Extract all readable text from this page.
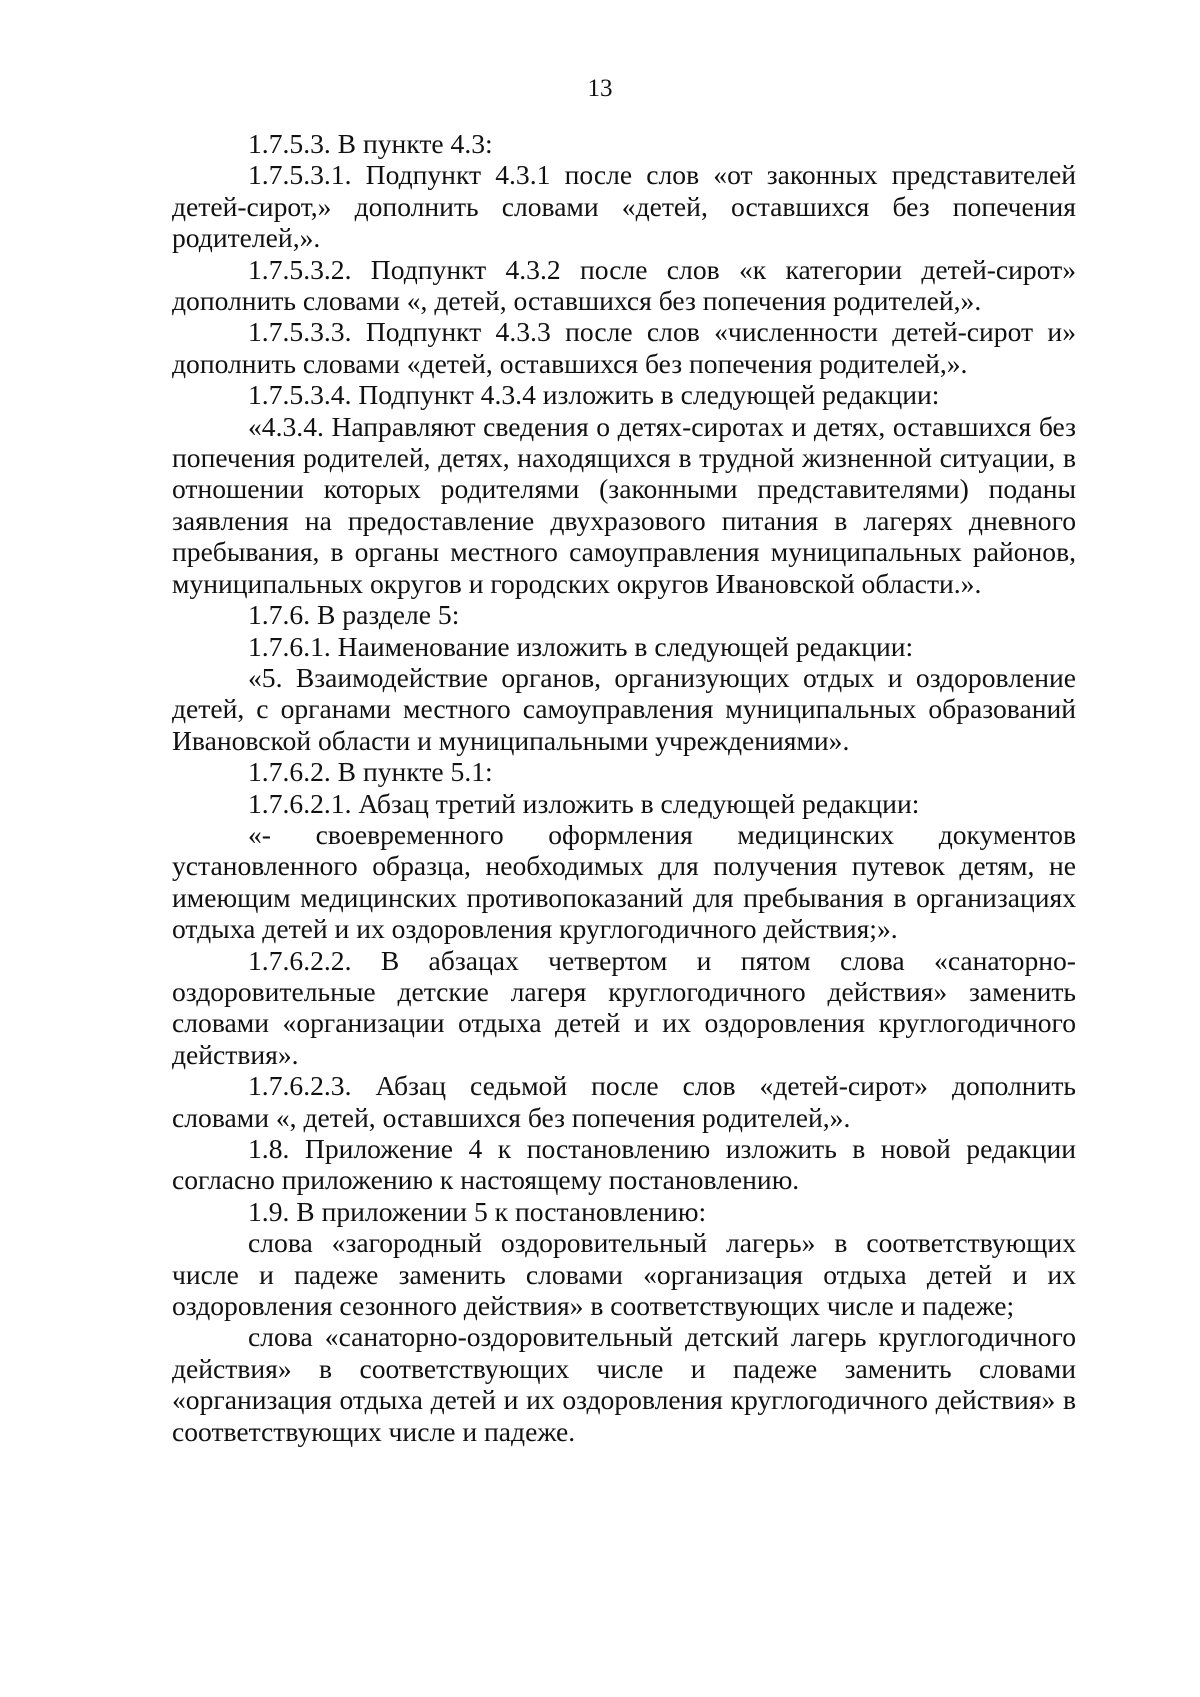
13

1.7.5.3. В пункте 4.3:

1.7.5.3.1. Подпункт 4.3.1 после слов «от законных представителей детей-сирот,» дополнить словами «детей, оставшихся без попечения родителей,».

1.7.5.3.2. Подпункт 4.3.2 после слов «к категории детей-сирот» дополнить словами «, детей, оставшихся без попечения родителей,».

1.7.5.3.3. Подпункт 4.3.3 после слов «численности детей-сирот и» дополнить словами «детей, оставшихся без попечения родителей,».

1.7.5.3.4. Подпункт 4.3.4 изложить в следующей редакции:

«4.3.4. Направляют сведения о детях-сиротах и детях, оставшихся без попечения родителей, детях, находящихся в трудной жизненной ситуации, в отношении которых родителями (законными представителями) поданы заявления на предоставление двухразового питания в лагерях дневного пребывания, в органы местного самоуправления муниципальных районов, муниципальных округов и городских округов Ивановской области.».

1.7.6. В разделе 5:

1.7.6.1. Наименование изложить в следующей редакции:

«5. Взаимодействие органов, организующих отдых и оздоровление детей, с органами местного самоуправления муниципальных образований Ивановской области и муниципальными учреждениями».

1.7.6.2. В пункте 5.1:

1.7.6.2.1. Абзац третий изложить в следующей редакции:

«- своевременного оформления медицинских документов установленного образца, необходимых для получения путевок детям, не имеющим медицинских противопоказаний для пребывания в организациях отдыха детей и их оздоровления круглогодичного действия;».

1.7.6.2.2. В абзацах четвертом и пятом слова «санаторно-оздоровительные детские лагеря круглогодичного действия» заменить словами «организации отдыха детей и их оздоровления круглогодичного действия».

1.7.6.2.3. Абзац седьмой после слов «детей-сирот» дополнить словами «, детей, оставшихся без попечения родителей,».

1.8. Приложение 4 к постановлению изложить в новой редакции согласно приложению к настоящему постановлению.

1.9. В приложении 5 к постановлению:

слова «загородный оздоровительный лагерь» в соответствующих числе и падеже заменить словами «организация отдыха детей и их оздоровления сезонного действия» в соответствующих числе и падеже;

слова «санаторно-оздоровительный детский лагерь круглогодичного действия» в соответствующих числе и падеже заменить словами «организация отдыха детей и их оздоровления круглогодичного действия» в соответствующих числе и падеже.
